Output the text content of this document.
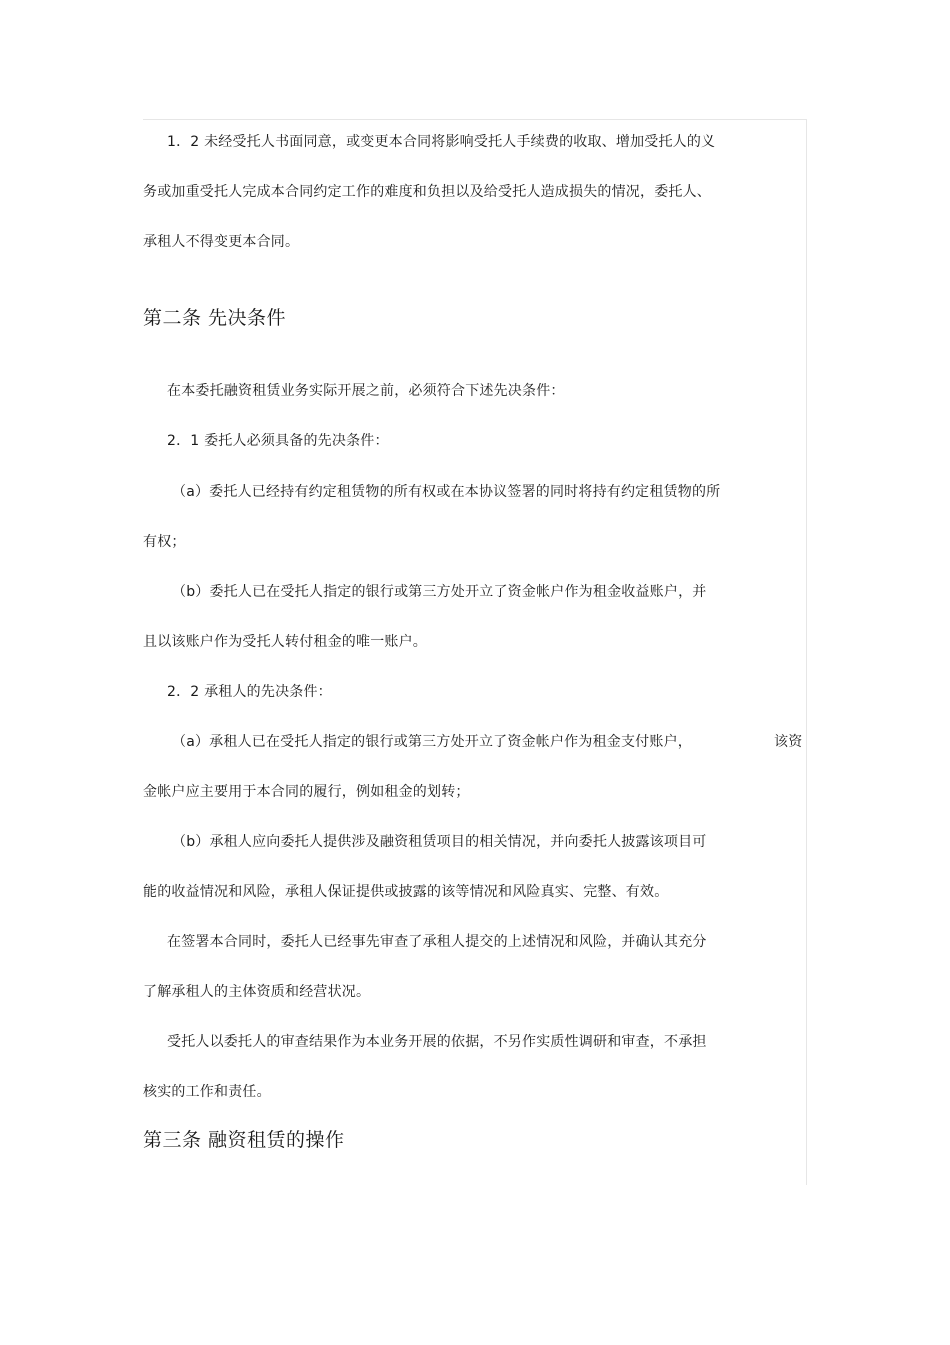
1．2 未经受托人书面同意，或变更本合同将影响受托人手续费的收取、增加受托人的义
务或加重受托人完成本合同约定工作的难度和负担以及给受托人造成损失的情况，委托人、
承租人不得变更本合同。
第二条 先决条件
在本委托融资租赁业务实际开展之前，必须符合下述先决条件：
2．1 委托人必须具备的先决条件：
（a）委托人已经持有约定租赁物的所有权或在本协议签署的同时将持有约定租赁物的所
有权；
（b）委托人已在受托人指定的银行或第三方处开立了资金帐户作为租金收益账户，并
且以该账户作为受托人转付租金的唯一账户。
2．2 承租人的先决条件：
（a）承租人已在受托人指定的银行或第三方处开立了资金帐户作为租金支付账户，	该资
金帐户应主要用于本合同的履行，例如租金的划转；
（b）承租人应向委托人提供涉及融资租赁项目的相关情况，并向委托人披露该项目可
能的收益情况和风险，承租人保证提供或披露的该等情况和风险真实、完整、有效。
在签署本合同时，委托人已经事先审查了承租人提交的上述情况和风险，并确认其充分
了解承租人的主体资质和经营状况。
受托人以委托人的审查结果作为本业务开展的依据，不另作实质性调研和审查，不承担
核实的工作和责任。
第三条 融资租赁的操作
